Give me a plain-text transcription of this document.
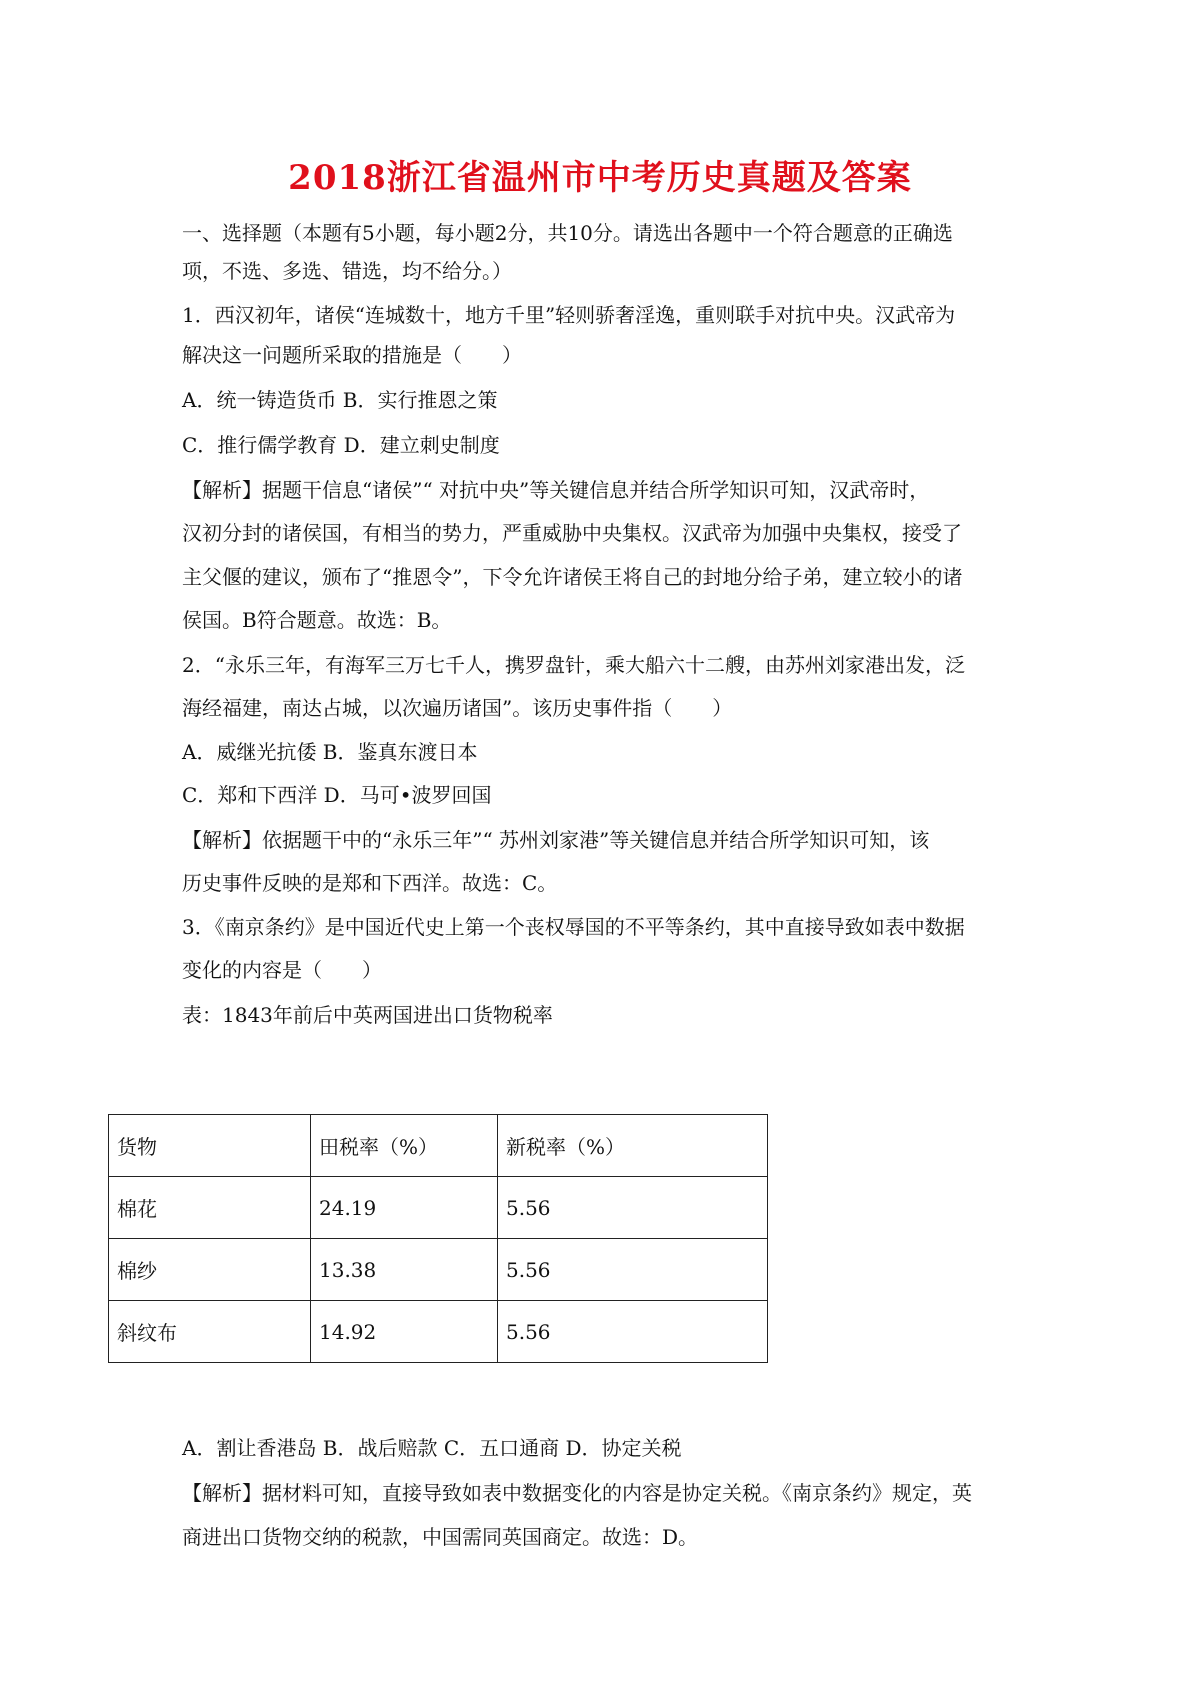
2018浙江省温州市中考历史真题及答案
一、选择题（本题有5小题，每小题2分，共10分。请选出各题中一个符合题意的正确选
项，不选、多选、错选，均不给分。）
1．西汉初年，诸侯“连城数十，地方千里”轻则骄奢淫逸，重则联手对抗中央。汉武帝为
解决这一问题所采取的措施是（　　）
A．统一铸造货币 B．实行推恩之策
C．推行儒学教育 D．建立刺史制度
【解析】据题干信息“诸侯”“ 对抗中央”等关键信息并结合所学知识可知，汉武帝时，
汉初分封的诸侯国，有相当的势力，严重威胁中央集权。汉武帝为加强中央集权，接受了
主父偃的建议，颁布了“推恩令”，下令允许诸侯王将自己的封地分给子弟，建立较小的诸
侯国。B符合题意。故选：B。
2．“永乐三年，有海军三万七千人，携罗盘针，乘大船六十二艘，由苏州刘家港出发，泛
海经福建，南达占城，以次遍历诸国”。该历史事件指（　　）
A．威继光抗倭 B．鉴真东渡日本
C．郑和下西洋 D．马可•波罗回国
【解析】依据题干中的“永乐三年”“ 苏州刘家港”等关键信息并结合所学知识可知，该
历史事件反映的是郑和下西洋。故选：C。
3．《南京条约》是中国近代史上第一个丧权辱国的不平等条约，其中直接导致如表中数据
变化的内容是（　　）
表：1843年前后中英两国进出口货物税率
货物	田税率（%）	新税率（%）
棉花	24.19	5.56
棉纱	13.38	5.56
斜纹布	14.92	5.56
A．割让香港岛 B．战后赔款 C．五口通商 D．协定关税
【解析】据材料可知，直接导致如表中数据变化的内容是协定关税。《南京条约》规定，英
商进出口货物交纳的税款，中国需同英国商定。故选：D。
